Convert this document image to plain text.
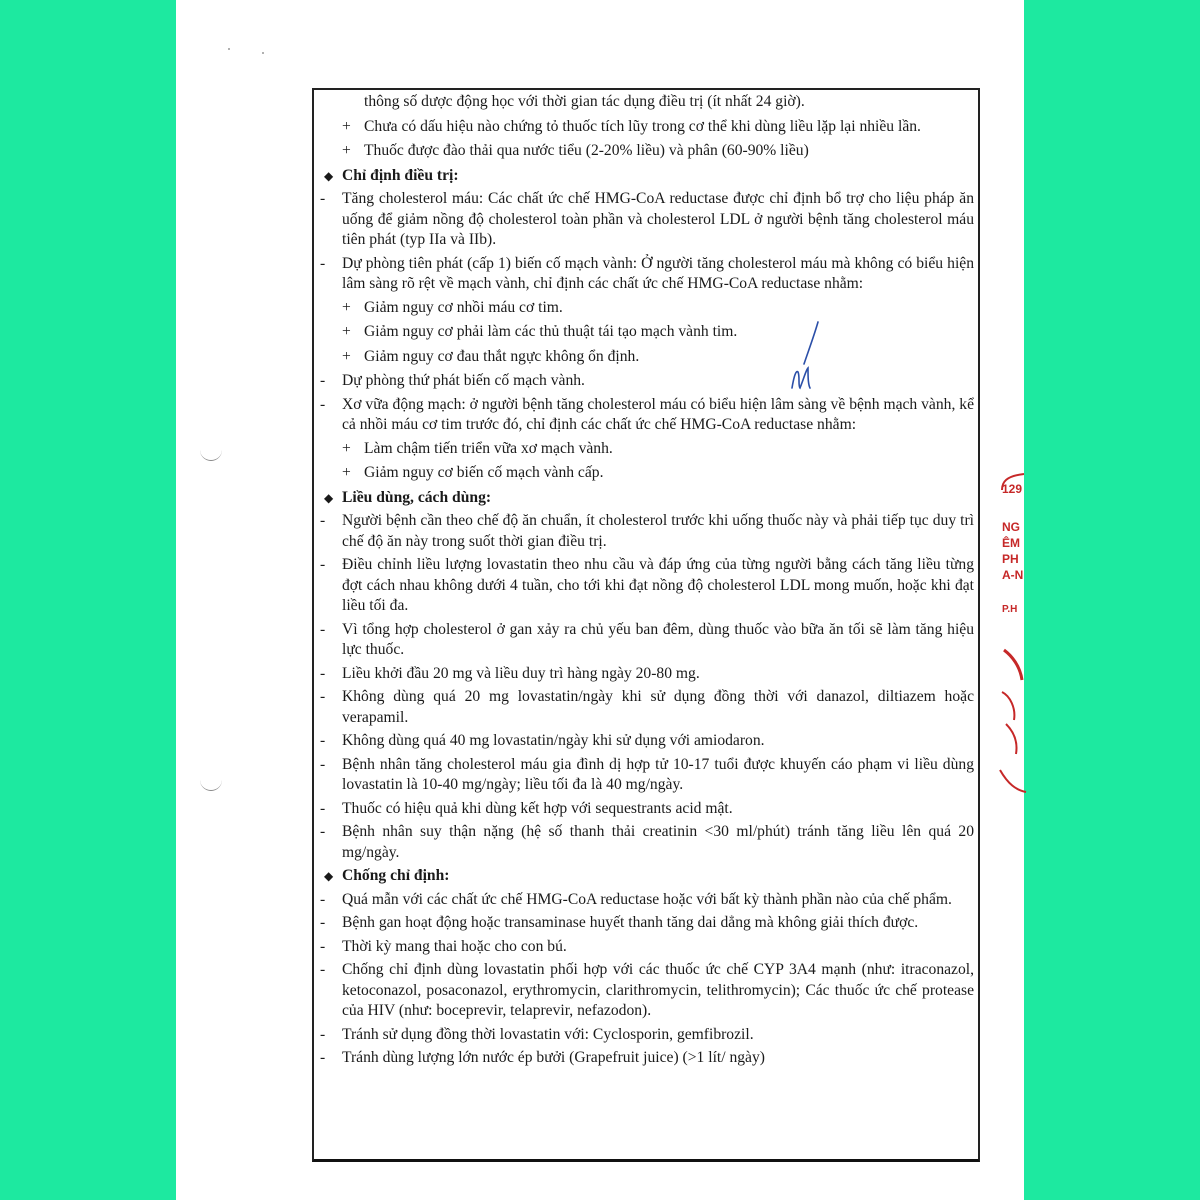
thông số dược động học với thời gian tác dụng điều trị (ít nhất 24 giờ).
+ Chưa có dấu hiệu nào chứng tỏ thuốc tích lũy trong cơ thể khi dùng liều lặp lại nhiều lần.
+ Thuốc được đào thải qua nước tiểu (2-20% liều) và phân (60-90% liều)
◆ Chỉ định điều trị:
-	Tăng cholesterol máu: Các chất ức chế HMG-CoA reductase được chỉ định bổ trợ cho liệu pháp ăn uống để giảm nồng độ cholesterol toàn phần và cholesterol LDL ở người bệnh tăng cholesterol máu tiên phát (typ IIa và IIb).
-	Dự phòng tiên phát (cấp 1) biến cố mạch vành: Ở người tăng cholesterol máu mà không có biểu hiện lâm sàng rõ rệt về mạch vành, chỉ định các chất ức chế HMG-CoA reductase nhằm:
+ Giảm nguy cơ nhồi máu cơ tim.
+ Giảm nguy cơ phải làm các thủ thuật tái tạo mạch vành tim.
+ Giảm nguy cơ đau thắt ngực không ổn định.
-	Dự phòng thứ phát biến cố mạch vành.
-	Xơ vữa động mạch: ở người bệnh tăng cholesterol máu có biểu hiện lâm sàng về bệnh mạch vành, kể cả nhồi máu cơ tim trước đó, chỉ định các chất ức chế HMG-CoA reductase nhằm:
+ Làm chậm tiến triển vữa xơ mạch vành.
+ Giảm nguy cơ biến cố mạch vành cấp.
◆ Liều dùng, cách dùng:
-	Người bệnh cần theo chế độ ăn chuẩn, ít cholesterol trước khi uống thuốc này và phải tiếp tục duy trì chế độ ăn này trong suốt thời gian điều trị.
-	Điều chỉnh liều lượng lovastatin theo nhu cầu và đáp ứng của từng người bằng cách tăng liều từng đợt cách nhau không dưới 4 tuần, cho tới khi đạt nồng độ cholesterol LDL mong muốn, hoặc khi đạt liều tối đa.
-	Vì tổng hợp cholesterol ở gan xảy ra chủ yếu ban đêm, dùng thuốc vào bữa ăn tối sẽ làm tăng hiệu lực thuốc.
-	Liều khởi đầu 20 mg và liều duy trì hàng ngày 20-80 mg.
-	Không dùng quá 20 mg lovastatin/ngày khi sử dụng đồng thời với danazol, diltiazem hoặc verapamil.
-	Không dùng quá 40 mg lovastatin/ngày khi sử dụng với amiodaron.
-	Bệnh nhân tăng cholesterol máu gia đình dị hợp tử 10-17 tuổi được khuyến cáo phạm vi liều dùng lovastatin là 10-40 mg/ngày; liều tối đa là 40 mg/ngày.
-	Thuốc có hiệu quả khi dùng kết hợp với sequestrants acid mật.
-	Bệnh nhân suy thận nặng (hệ số thanh thải creatinin <30 ml/phút) tránh tăng liều lên quá 20 mg/ngày.
◆ Chống chỉ định:
-	Quá mẫn với các chất ức chế HMG-CoA reductase hoặc với bất kỳ thành phần nào của chế phẩm.
-	Bệnh gan hoạt động hoặc transaminase huyết thanh tăng dai dẳng mà không giải thích được.
-	Thời kỳ mang thai hoặc cho con bú.
-	Chống chỉ định dùng lovastatin phối hợp với các thuốc ức chế CYP 3A4 mạnh (như: itraconazol, ketoconazol, posaconazol, erythromycin, clarithromycin, telithromycin); Các thuốc ức chế protease của HIV (như: boceprevir, telaprevir, nefazodon).
-	Tránh sử dụng đồng thời lovastatin với: Cyclosporin, gemfibrozil.
-	Tránh dùng lượng lớn nước ép bưởi (Grapefruit juice) (>1 lít/ ngày)
129
NG
ÊM
PH
A-N
P.H
